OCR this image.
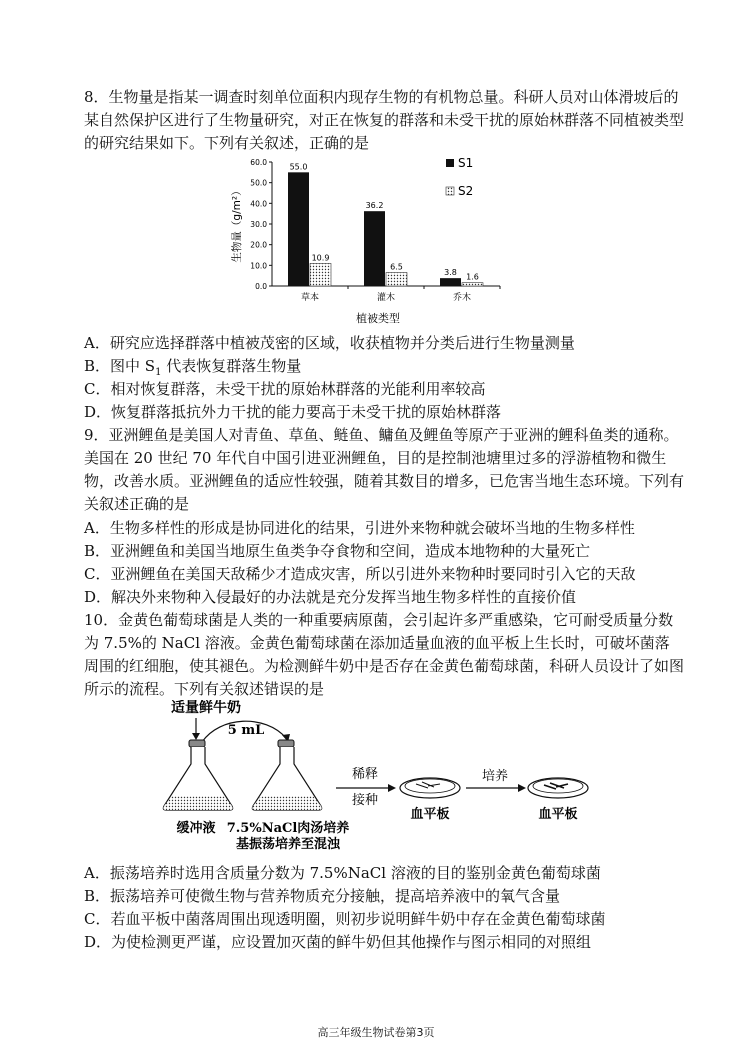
8．生物量是指某一调查时刻单位面积内现存生物的有机物总量。科研人员对山体滑坡后的某自然保护区进行了生物量研究，对正在恢复的群落和未受干扰的原始林群落不同植被类型的研究结果如下。下列有关叙述，正确的是

0.0
10.0
20.0
30.0
40.0
50.0
60.0
草本
55.0
10.9
灌木
36.2
6.5
乔木
3.8
1.6
生物量（g/m²）
植被类型
S1
S2
A．研究应选择群落中植被茂密的区域，收获植物并分类后进行生物量测量
B．图中 $S_1$ 代表恢复群落生物量
C．相对恢复群落，未受干扰的原始林群落的光能利用率较高
D．恢复群落抵抗外力干扰的能力要高于未受干扰的原始林群落

9．亚洲鲤鱼是美国人对青鱼、草鱼、鲢鱼、鳙鱼及鲤鱼等原产于亚洲的鲤科鱼类的通称。美国在 20 世纪 70 年代自中国引进亚洲鲤鱼，目的是控制池塘里过多的浮游植物和微生物，改善水质。亚洲鲤鱼的适应性较强，随着其数目的增多，已危害当地生态环境。下列有关叙述正确的是

A．生物多样性的形成是协同进化的结果，引进外来物种就会破坏当地的生物多样性
B．亚洲鲤鱼和美国当地原生鱼类争夺食物和空间，造成本地物种的大量死亡
C．亚洲鲤鱼在美国天敌稀少才造成灾害，所以引进外来物种时要同时引入它的天敌
D．解决外来物种入侵最好的办法就是充分发挥当地生物多样性的直接价值

10．金黄色葡萄球菌是人类的一种重要病原菌，会引起许多严重感染，它可耐受质量分数为 7.5%的 NaCl 溶液。金黄色葡萄球菌在添加适量血液的血平板上生长时，可破坏菌落周围的红细胞，使其褪色。为检测鲜牛奶中是否存在金黄色葡萄球菌，科研人员设计了如图所示的流程。下列有关叙述错误的是

适量鲜牛奶
5 mL
缓冲液 7.5%NaCl肉汤培养
基振荡培养至混浊
稀释
接种
血平板
培养
血平板
A．振荡培养时选用含质量分数为 7.5%NaCl 溶液的目的鉴别金黄色葡萄球菌
B．振荡培养可使微生物与营养物质充分接触，提高培养液中的氧气含量
C．若血平板中菌落周围出现透明圈，则初步说明鲜牛奶中存在金黄色葡萄球菌
D．为使检测更严谨，应设置加灭菌的鲜牛奶但其他操作与图示相同的对照组
高三年级生物试卷第3页
